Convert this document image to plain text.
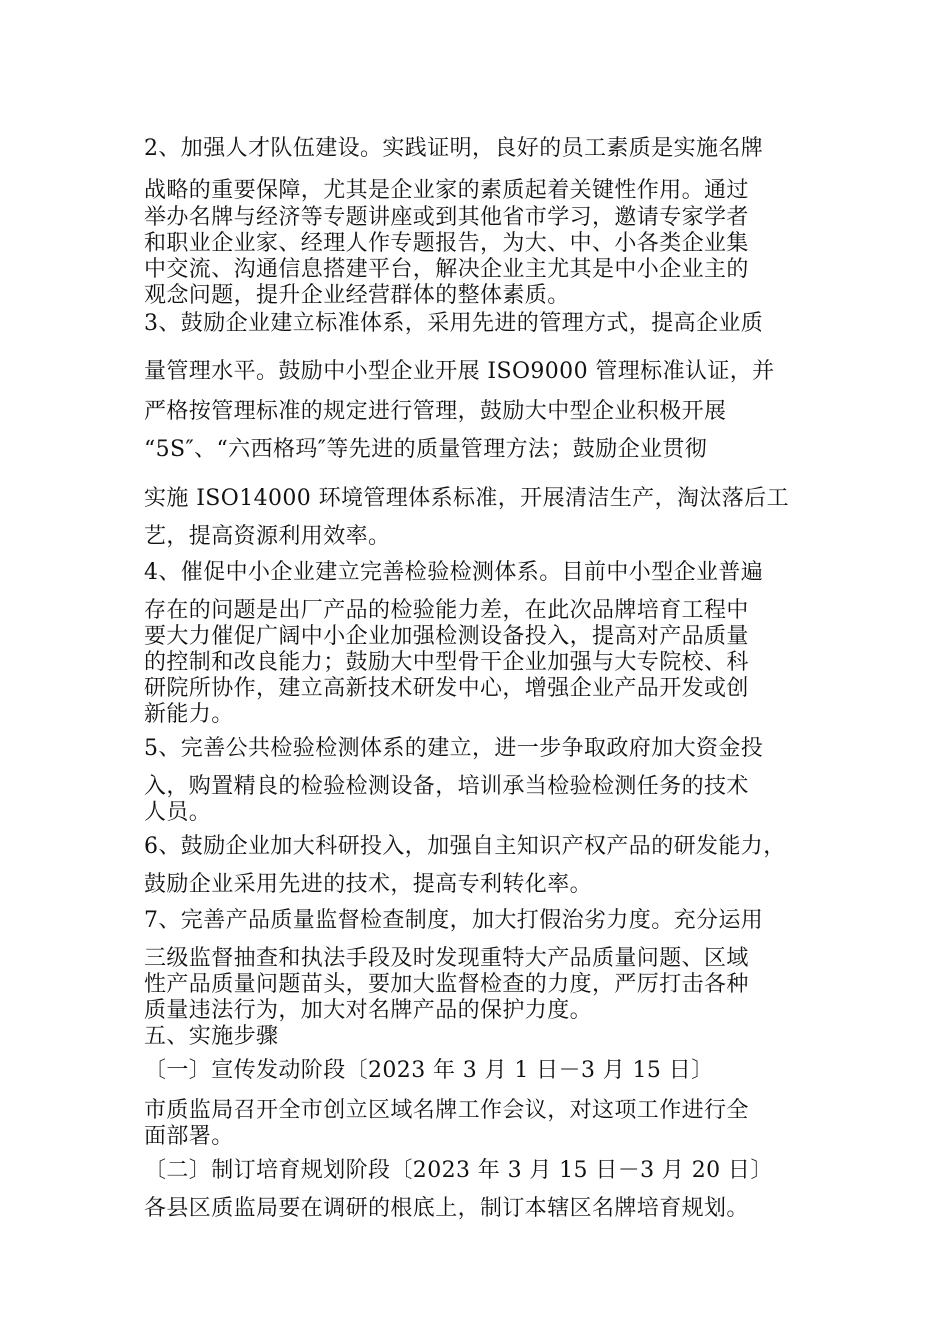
2、加强人才队伍建设。实践证明，良好的员工素质是实施名牌
战略的重要保障，尤其是企业家的素质起着关键性作用。通过
举办名牌与经济等专题讲座或到其他省市学习，邀请专家学者
和职业企业家、经理人作专题报告，为大、中、小各类企业集
中交流、沟通信息搭建平台，解决企业主尤其是中小企业主的
观念问题，提升企业经营群体的整体素质。
3、鼓励企业建立标准体系，采用先进的管理方式，提高企业质
量管理水平。鼓励中小型企业开展 ISO9000 管理标准认证，并
严格按管理标准的规定进行管理，鼓励大中型企业积极开展
“5S″、“六西格玛″等先进的质量管理方法；鼓励企业贯彻
实施 ISO14000 环境管理体系标准，开展清洁生产，淘汰落后工
艺，提高资源利用效率。
4、催促中小企业建立完善检验检测体系。目前中小型企业普遍
存在的问题是出厂产品的检验能力差，在此次品牌培育工程中
要大力催促广阔中小企业加强检测设备投入，提高对产品质量
的控制和改良能力；鼓励大中型骨干企业加强与大专院校、科
研院所协作，建立高新技术研发中心，增强企业产品开发或创
新能力。
5、完善公共检验检测体系的建立，进一步争取政府加大资金投
入，购置精良的检验检测设备，培训承当检验检测任务的技术
人员。
6、鼓励企业加大科研投入，加强自主知识产权产品的研发能力，
鼓励企业采用先进的技术，提高专利转化率。
7、完善产品质量监督检查制度，加大打假治劣力度。充分运用
三级监督抽查和执法手段及时发现重特大产品质量问题、区域
性产品质量问题苗头，要加大监督检查的力度，严厉打击各种
质量违法行为，加大对名牌产品的保护力度。
五、实施步骤
〔一〕宣传发动阶段〔2023 年 3 月 1 日－3 月 15 日〕
市质监局召开全市创立区域名牌工作会议，对这项工作进行全
面部署。
〔二〕制订培育规划阶段〔2023 年 3 月 15 日－3 月 20 日〕
各县区质监局要在调研的根底上，制订本辖区名牌培育规划。
